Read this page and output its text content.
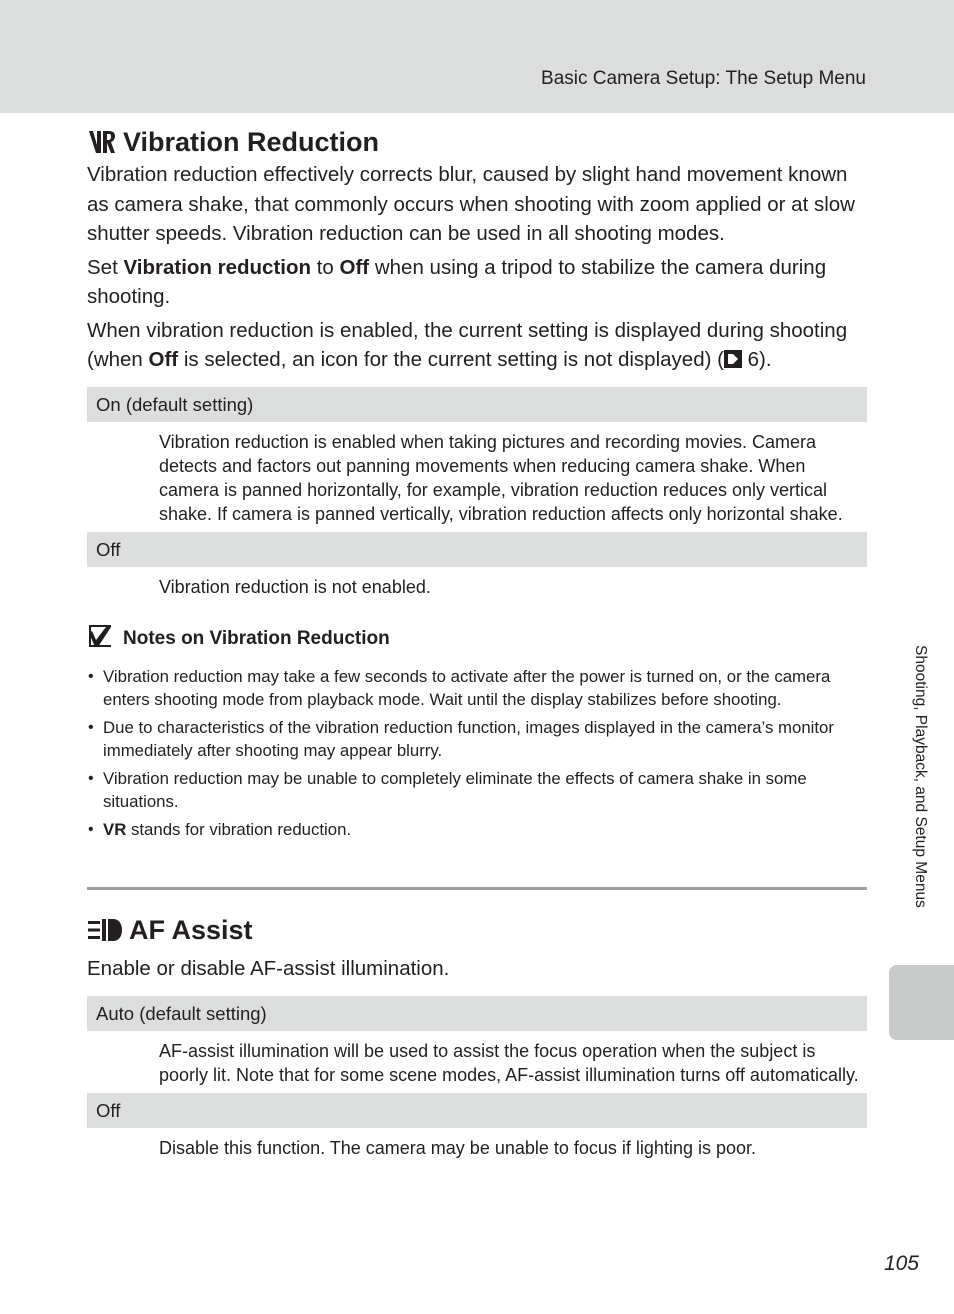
Basic Camera Setup: The Setup Menu
Vibration Reduction

Vibration reduction effectively corrects blur, caused by slight hand movement known as camera shake, that commonly occurs when shooting with zoom applied or at slow shutter speeds. Vibration reduction can be used in all shooting modes.

Set Vibration reduction to Off when using a tripod to stabilize the camera during shooting.

When vibration reduction is enabled, the current setting is displayed during shooting (when Off is selected, an icon for the current setting is not displayed) ( 6).

On (default setting)
Vibration reduction is enabled when taking pictures and recording movies. Camera detects and factors out panning movements when reducing camera shake. When camera is panned horizontally, for example, vibration reduction reduces only vertical shake. If camera is panned vertically, vibration reduction affects only horizontal shake.
Off
Vibration reduction is not enabled.
Notes on Vibration Reduction
• Vibration reduction may take a few seconds to activate after the power is turned on, or the camera enters shooting mode from playback mode. Wait until the display stabilizes before shooting.
• Due to characteristics of the vibration reduction function, images displayed in the camera’s monitor immediately after shooting may appear blurry.
• Vibration reduction may be unable to completely eliminate the effects of camera shake in some situations.
• VR stands for vibration reduction.
AF Assist

Enable or disable AF-assist illumination.

Auto (default setting)
AF-assist illumination will be used to assist the focus operation when the subject is poorly lit. Note that for some scene modes, AF-assist illumination turns off automatically.
Off
Disable this function. The camera may be unable to focus if lighting is poor.
Shooting, Playback, and Setup Menus
105
